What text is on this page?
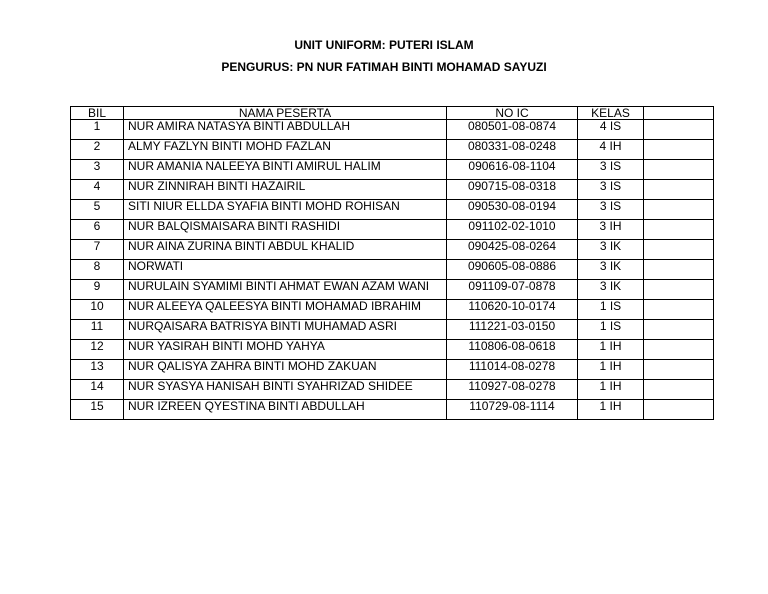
UNIT UNIFORM: PUTERI ISLAM
PENGURUS: PN NUR FATIMAH BINTI MOHAMAD SAYUZI
BIL	NAMA PESERTA	NO IC	KELAS	
1	NUR AMIRA NATASYA BINTI ABDULLAH	080501-08-0874	4 IS	
2	ALMY FAZLYN BINTI MOHD FAZLAN	080331-08-0248	4 IH	
3	NUR AMANIA NALEEYA BINTI AMIRUL HALIM	090616-08-1104	3 IS	
4	NUR ZINNIRAH BINTI HAZAIRIL	090715-08-0318	3 IS	
5	SITI NIUR ELLDA SYAFIA BINTI MOHD ROHISAN	090530-08-0194	3 IS	
6	NUR BALQISMAISARA BINTI RASHIDI	091102-02-1010	3 IH	
7	NUR AINA ZURINA BINTI ABDUL KHALID	090425-08-0264	3 IK	
8	NORWATI	090605-08-0886	3 IK	
9	NURULAIN SYAMIMI BINTI AHMAT EWAN AZAM WANI	091109-07-0878	3 IK	
10	NUR ALEEYA QALEESYA BINTI MOHAMAD IBRAHIM	110620-10-0174	1 IS	
11	NURQAISARA BATRISYA BINTI MUHAMAD ASRI	111221-03-0150	1 IS	
12	NUR YASIRAH BINTI MOHD YAHYA	110806-08-0618	1 IH	
13	NUR QALISYA ZAHRA BINTI MOHD ZAKUAN	111014-08-0278	1 IH	
14	NUR SYASYA HANISAH BINTI SYAHRIZAD SHIDEE	110927-08-0278	1 IH	
15	NUR IZREEN QYESTINA BINTI ABDULLAH	110729-08-1114	1 IH	
